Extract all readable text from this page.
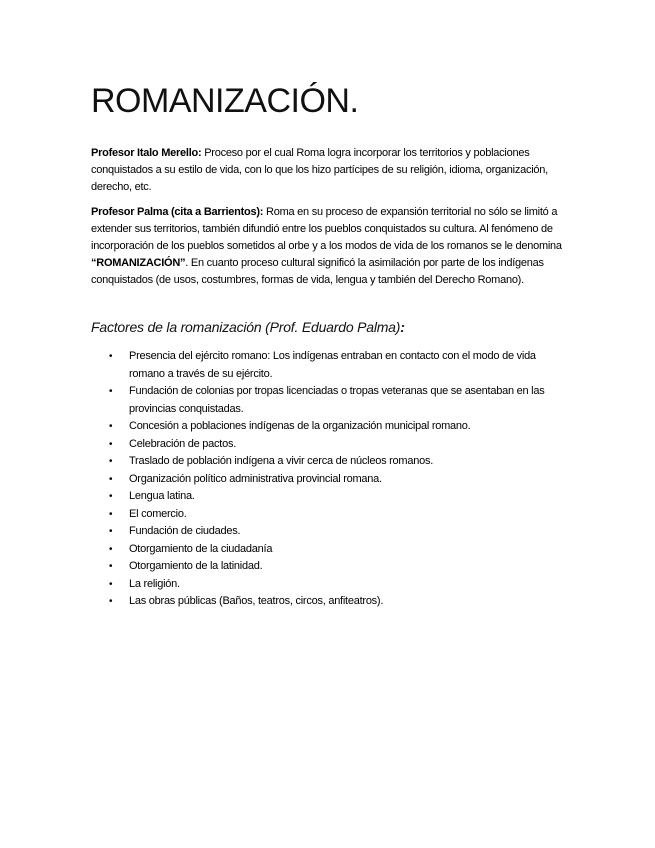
ROMANIZACIÓN.

Profesor Italo Merello: Proceso por el cual Roma logra incorporar los territorios y poblaciones conquistados a su estilo de vida, con lo que los hizo partícipes de su religión, idioma, organización, derecho, etc.

Profesor Palma (cita a Barrientos): Roma en su proceso de expansión territorial no sólo se limitó a extender sus territorios, también difundió entre los pueblos conquistados su cultura. Al fenómeno de incorporación de los pueblos sometidos al orbe y a los modos de vida de los romanos se le denomina “ROMANIZACIÓN”. En cuanto proceso cultural significó la asimilación por parte de los indígenas conquistados (de usos, costumbres, formas de vida, lengua y también del Derecho Romano).

Factores de la romanización (Prof. Eduardo Palma):
• Presencia del ejército romano: Los indígenas entraban en contacto con el modo de vida romano a través de su ejército.
• Fundación de colonias por tropas licenciadas o tropas veteranas que se asentaban en las provincias conquistadas.
• Concesión a poblaciones indígenas de la organización municipal romano.
• Celebración de pactos.
• Traslado de población indígena a vivir cerca de núcleos romanos.
• Organización político administrativa provincial romana.
• Lengua latina.
• El comercio.
• Fundación de ciudades.
• Otorgamiento de la ciudadanía
• Otorgamiento de la latinidad.
• La religión.
• Las obras públicas (Baños, teatros, circos, anfiteatros).
